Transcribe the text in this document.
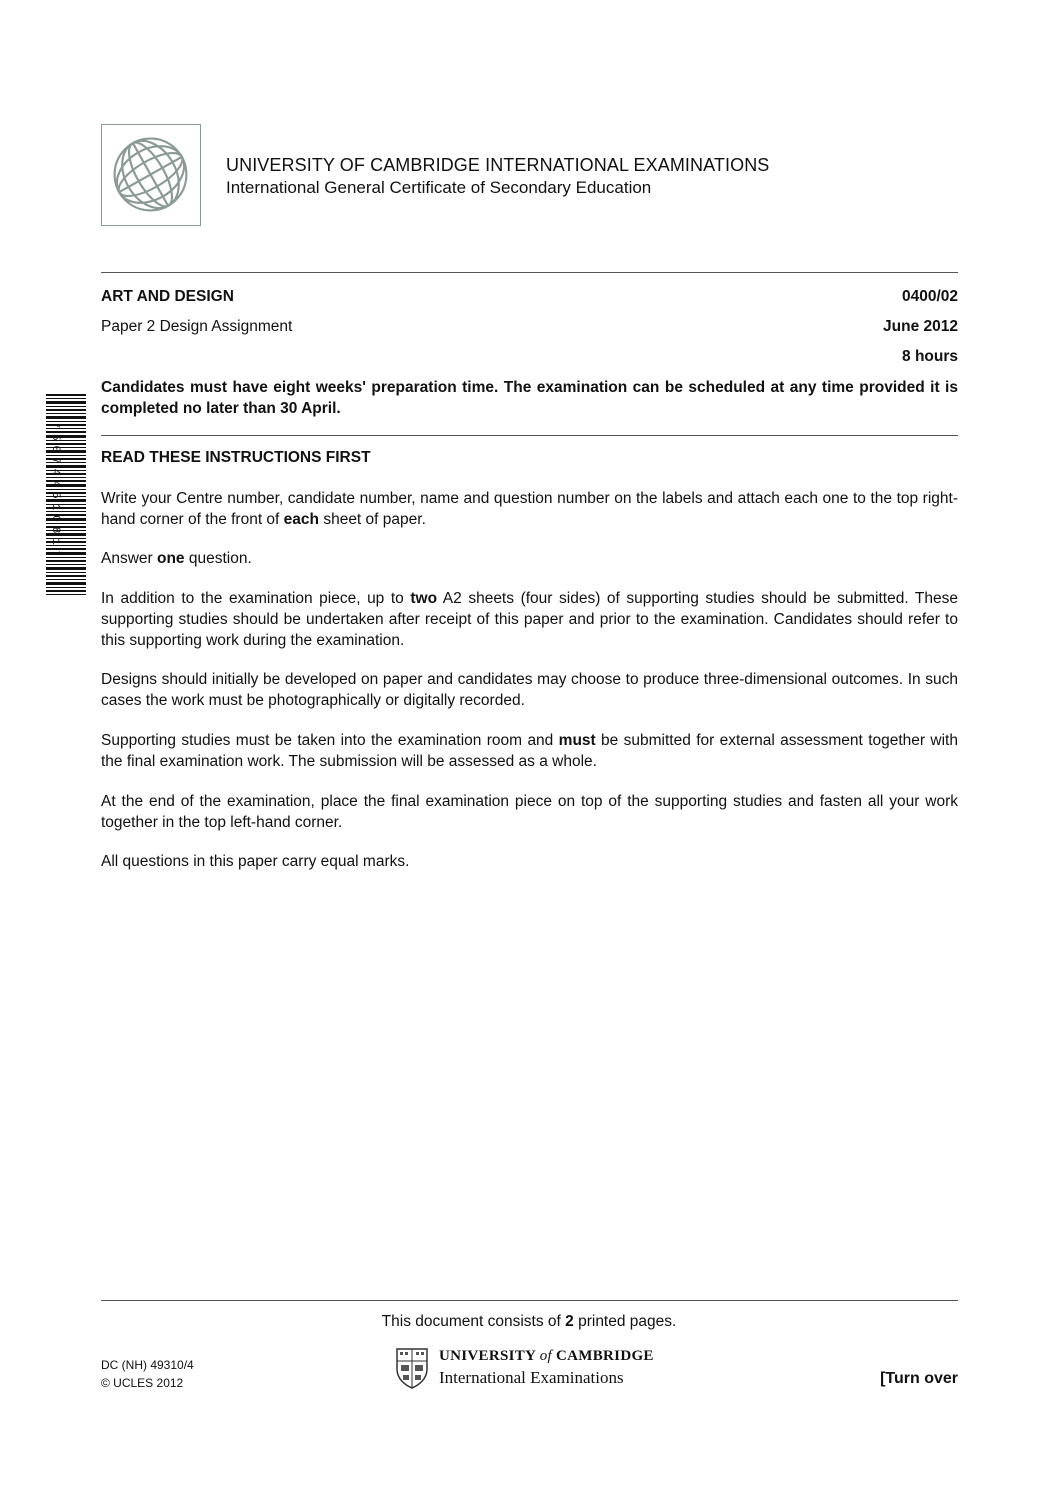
UNIVERSITY OF CAMBRIDGE INTERNATIONAL EXAMINATIONS
International General Certificate of Secondary Education
ART AND DESIGN	0400/02
Paper 2 Design Assignment	June 2012
8 hours
Candidates must have eight weeks' preparation time. The examination can be scheduled at any time provided it is completed no later than 30 April.
*5074451081*	READ THESE INSTRUCTIONS FIRST
Write your Centre number, candidate number, name and question number on the labels and attach each one to the top right-hand corner of the front of each sheet of paper.
Answer one question.
In addition to the examination piece, up to two A2 sheets (four sides) of supporting studies should be submitted. These supporting studies should be undertaken after receipt of this paper and prior to the examination. Candidates should refer to this supporting work during the examination.
Designs should initially be developed on paper and candidates may choose to produce three-dimensional outcomes. In such cases the work must be photographically or digitally recorded.
Supporting studies must be taken into the examination room and must be submitted for external assessment together with the final examination work. The submission will be assessed as a whole.
At the end of the examination, place the final examination piece on top of the supporting studies and fasten all your work together in the top left-hand corner.
All questions in this paper carry equal marks.
This document consists of 2 printed pages.
DC (NH) 49310/4
© UCLES 2012
UNIVERSITY of CAMBRIDGE
International Examinations	[Turn over
